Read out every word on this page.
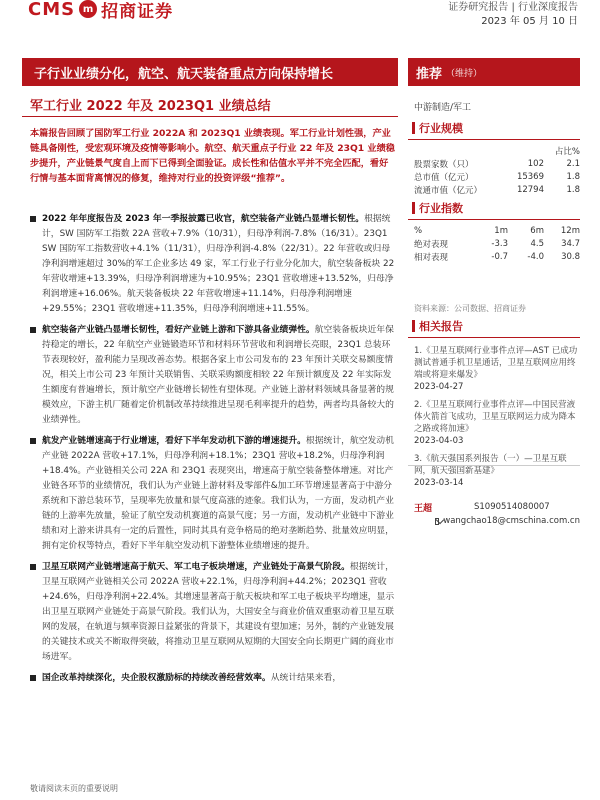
CMS m 招商证券	证券研究报告 | 行业深度报告
2023 年 05 月 10 日
子行业业绩分化，航空、航天装备重点方向保持增长
军工行业 2022 年及 2023Q1 业绩总结
推荐 （维持）
中游制造/军工
本篇报告回顾了国防军工行业 2022A 和 2023Q1 业绩表现。军工行业计划性强，产业链具备刚性，受宏观环境及疫情等影响小。航空、航天重点子行业 22 年及 23Q1 业绩稳步提升，产业链景气度自上而下已得到全面验证。成长性和估值水平并不完全匹配，看好行情与基本面背离情况的修复，维持对行业的投资评级“推荐”。
2022 年年度报告及 2023 年一季报披露已收官，航空装备产业链凸显增长韧性。根据统计，SW 国防军工指数 22A 营收+7.9%（10/31），归母净利润-7.8%（16/31）。23Q1 SW 国防军工指数营收+4.1%（11/31），归母净利润-4.8%（22/31）。22 年营收或归母净利润增速超过 30%的军工企业多达 49 家，军工行业子行业分化加大，航空装备板块 22 年营收增速+13.39%，归母净利润增速为+10.95%；23Q1 营收增速+13.52%，归母净利润增速+16.06%。航天装备板块 22 年营收增速+11.14%，归母净利润增速+29.55%；23Q1 营收增速+11.35%，归母净利润增速+11.55%。
航空装备产业链凸显增长韧性，看好产业链上游和下游具备业绩弹性。航空装备板块近年保持稳定的增长，22 年航空产业链锻造环节和材料环节营收和利润增长亮眼，23Q1 总装环节表现较好，盈利能力呈现改善态势。根据各家上市公司发布的 23 年预计关联交易额度情况，相关上市公司 23 年预计关联销售、关联采购额度相较 22 年预计额度及 22 年实际发生额度有普遍增长，预计航空产业链增长韧性有望体现。产业链上游材料领域具备显著的规模效应，下游主机厂随着定价机制改革持续推进呈现毛利率提升的趋势，两者均具备较大的业绩弹性。
航发产业链增速高于行业增速，看好下半年发动机下游的增速提升。根据统计，航空发动机产业链 2022A 营收+17.1%，归母净利润+18.1%；23Q1 营收+18.2%，归母净利润+18.4%。产业链相关公司 22A 和 23Q1 表现突出，增速高于航空装备整体增速。对比产业链各环节的业绩情况，我们认为产业链上游材料及零部件&加工环节增速显著高于中游分系统和下游总装环节，呈现率先放量和景气度高涨的迹象。我们认为，一方面，发动机产业链的上游率先放量，验证了航空发动机赛道的高景气度；另一方面，发动机产业链中下游业绩和对上游来讲具有一定的后置性，同时其具有竞争格局的绝对垄断趋势、批量效应明显，拥有定价权等特点，看好下半年航空发动机下游整体业绩增速的提升。
卫星互联网产业链增速高于航天、军工电子板块增速，产业链处于高景气阶段。根据统计，卫星互联网产业链相关公司 2022A 营收+22.1%，归母净利润+44.2%；2023Q1 营收+24.6%，归母净利润+22.4%。其增速显著高于航天板块和军工电子板块平均增速，显示出卫星互联网产业链处于高景气阶段。我们认为，大国安全与商业价值双重驱动着卫星互联网的发展，在轨道与频率资源日益紧张的背景下，其建设有望加速；另外，制约产业链发展的关键技术或关不断取得突破，将推动卫星互联网从短期的大国安全向长期更广阔的商业市场进军。
国企改革持续深化，央企股权激励标的持续改善经营效率。从统计结果来看，
行业规模
占比%
股票家数（只）	102	2.1
总市值（亿元）	15369	1.8
流通市值（亿元）	12794	1.8
行业指数
%	1m	6m	12m
绝对表现	-3.3	4.5	34.7
相对表现	-0.7	-4.0	30.8
资料来源：公司数据、招商证券
相关报告
1.《卫星互联网行业事件点评—AST 已成功测试普通手机卫星通话，卫星互联网应用终端或将迎来爆发》
2023-04-27
2.《卫星互联网行业事件点评—中国民营液体火箭首飞成功，卫星互联网运力成为降本之路或将加速》
2023-04-03
3.《航天强国系列报告（一）—卫星互联网，航天强国新基建》
2023-03-14
王超	S1090514080007
wangchao18@cmschina.com.cn
敬请阅读末页的重要说明
